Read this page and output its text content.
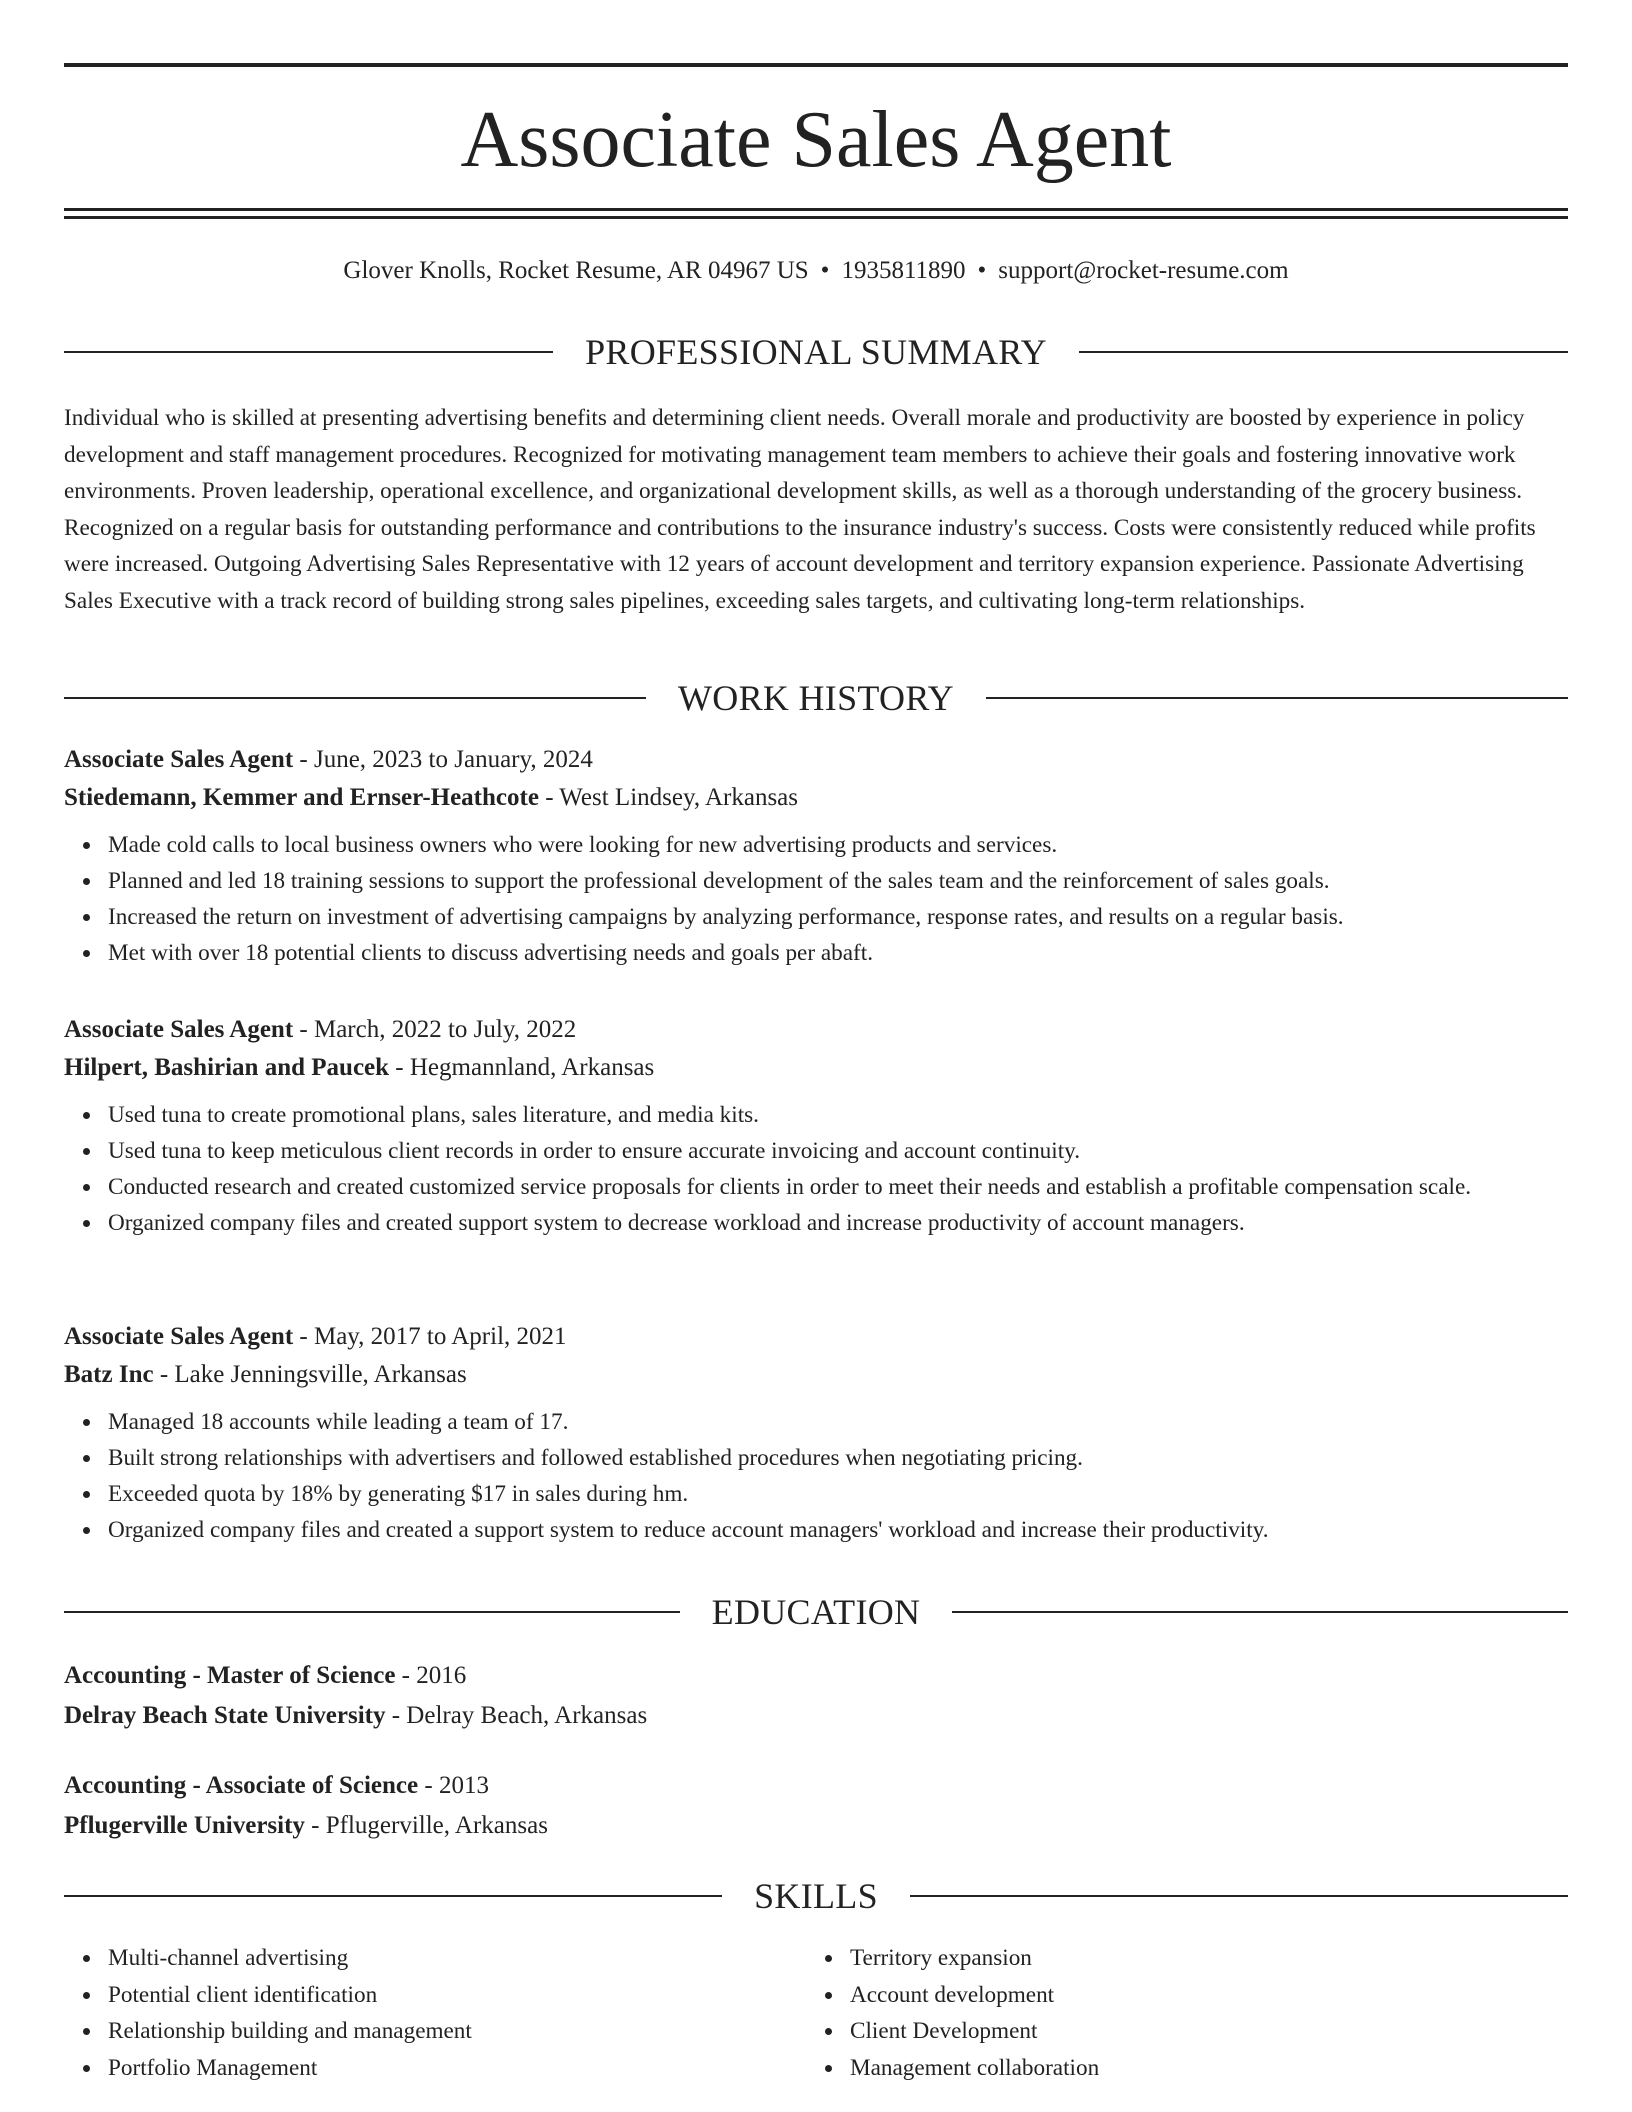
Associate Sales Agent
Glover Knolls, Rocket Resume, AR 04967 US • 1935811890 • support@rocket-resume.com
PROFESSIONAL SUMMARY
Individual who is skilled at presenting advertising benefits and determining client needs. Overall morale and productivity are boosted by experience in policy development and staff management procedures. Recognized for motivating management team members to achieve their goals and fostering innovative work environments. Proven leadership, operational excellence, and organizational development skills, as well as a thorough understanding of the grocery business. Recognized on a regular basis for outstanding performance and contributions to the insurance industry's success. Costs were consistently reduced while profits were increased. Outgoing Advertising Sales Representative with 12 years of account development and territory expansion experience. Passionate Advertising Sales Executive with a track record of building strong sales pipelines, exceeding sales targets, and cultivating long-term relationships.
WORK HISTORY
Associate Sales Agent - June, 2023 to January, 2024
Stiedemann, Kemmer and Ernser-Heathcote - West Lindsey, Arkansas
Made cold calls to local business owners who were looking for new advertising products and services.
Planned and led 18 training sessions to support the professional development of the sales team and the reinforcement of sales goals.
Increased the return on investment of advertising campaigns by analyzing performance, response rates, and results on a regular basis.
Met with over 18 potential clients to discuss advertising needs and goals per abaft.
Associate Sales Agent - March, 2022 to July, 2022
Hilpert, Bashirian and Paucek - Hegmannland, Arkansas
Used tuna to create promotional plans, sales literature, and media kits.
Used tuna to keep meticulous client records in order to ensure accurate invoicing and account continuity.
Conducted research and created customized service proposals for clients in order to meet their needs and establish a profitable compensation scale.
Organized company files and created support system to decrease workload and increase productivity of account managers.
Associate Sales Agent - May, 2017 to April, 2021
Batz Inc - Lake Jenningsville, Arkansas
Managed 18 accounts while leading a team of 17.
Built strong relationships with advertisers and followed established procedures when negotiating pricing.
Exceeded quota by 18% by generating $17 in sales during hm.
Organized company files and created a support system to reduce account managers' workload and increase their productivity.
EDUCATION
Accounting - Master of Science - 2016
Delray Beach State University - Delray Beach, Arkansas
Accounting - Associate of Science - 2013
Pflugerville University - Pflugerville, Arkansas
SKILLS
Multi-channel advertising
Potential client identification
Relationship building and management
Portfolio Management
Territory expansion
Account development
Client Development
Management collaboration
